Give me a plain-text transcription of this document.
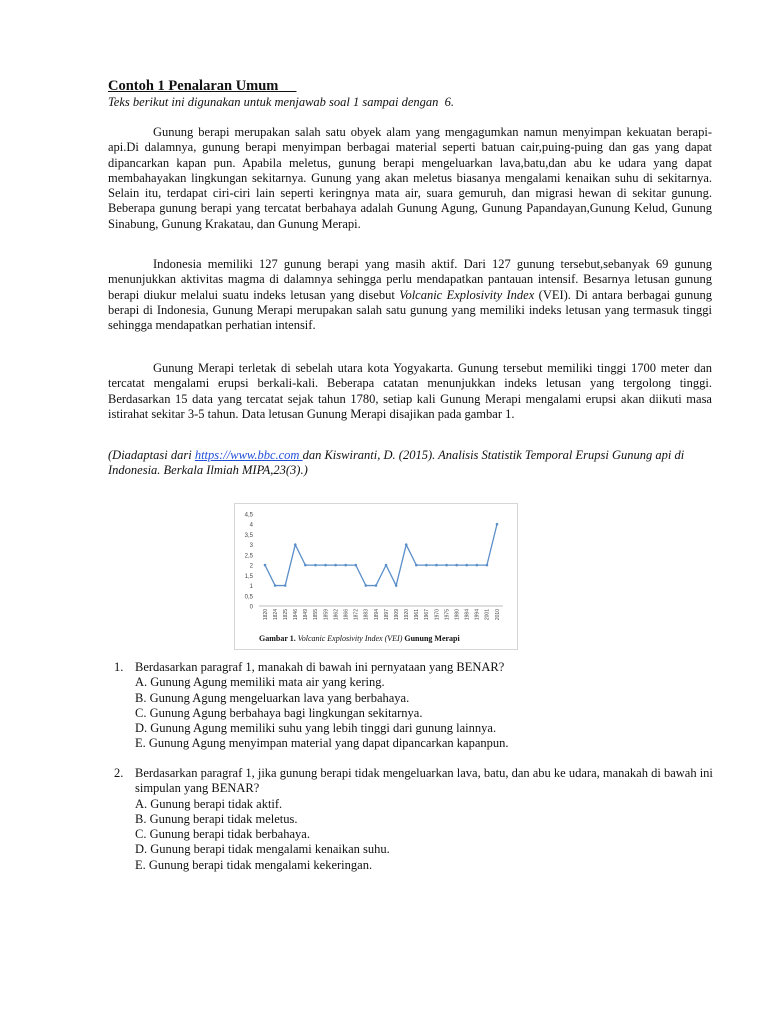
Contoh 1 Penalaran Umum
Teks berikut ini digunakan untuk menjawab soal 1 sampai dengan  6.

Gunung berapi merupakan salah satu obyek alam yang mengagumkan namun menyimpan kekuatan berapi-api.Di dalamnya, gunung berapi menyimpan berbagai material seperti batuan cair,puing-puing dan gas yang dapat dipancarkan kapan pun. Apabila meletus, gunung berapi mengeluarkan lava,batu,dan abu ke udara yang dapat membahayakan lingkungan sekitarnya. Gunung yang akan meletus biasanya mengalami kenaikan suhu di sekitarnya. Selain itu, terdapat ciri-ciri lain seperti keringnya mata air, suara gemuruh, dan migrasi hewan di sekitar gunung. Beberapa gunung berapi yang tercatat berbahaya adalah Gunung Agung, Gunung Papandayan,Gunung Kelud, Gunung Sinabung, Gunung Krakatau, dan Gunung Merapi.

Indonesia memiliki 127 gunung berapi yang masih aktif. Dari 127 gunung tersebut,sebanyak 69 gunung menunjukkan aktivitas magma di dalamnya sehingga perlu mendapatkan pantauan intensif. Besarnya letusan gunung berapi diukur melalui suatu indeks letusan yang disebut Volcanic Explosivity Index (VEI). Di antara berbagai gunung berapi di Indonesia, Gunung Merapi merupakan salah satu gunung yang memiliki indeks letusan yang termasuk tinggi sehingga mendapatkan perhatian intensif.

Gunung Merapi terletak di sebelah utara kota Yogyakarta. Gunung tersebut memiliki tinggi 1700 meter dan tercatat mengalami erupsi berkali-kali. Beberapa catatan menunjukkan indeks letusan yang tergolong tinggi. Berdasarkan 15 data yang tercatat sejak tahun 1780, setiap kali Gunung Merapi mengalami erupsi akan diikuti masa istirahat sekitar 3-5 tahun. Data letusan Gunung Merapi disajikan pada gambar 1.

(Diadaptasi dari https://www.bbc.com dan Kiswiranti, D. (2015). Analisis Statistik Temporal Erupsi Gunung api di Indonesia. Berkala Ilmiah MIPA,23(3).)
0
0,5
1
1,5
2
2,5
3
3,5
4
4,5
1820 1824 1825 1846 1849 1855 1859 1862 1866 1872 1883 1894 1897 1909 1920 1961 1967 1970 1975 1980 1984 1994 2001 2010
Gambar 1. Volcanic Explosivity Index (VEI) Gunung Merapi
1. Berdasarkan paragraf 1, manakah di bawah ini pernyataan yang BENAR?
A. Gunung Agung memiliki mata air yang kering.
B. Gunung Agung mengeluarkan lava yang berbahaya.
C. Gunung Agung berbahaya bagi lingkungan sekitarnya.
D. Gunung Agung memiliki suhu yang lebih tinggi dari gunung lainnya.
E. Gunung Agung menyimpan material yang dapat dipancarkan kapanpun.
2. Berdasarkan paragraf 1, jika gunung berapi tidak mengeluarkan lava, batu, dan abu ke udara, manakah di bawah ini simpulan yang BENAR?
A. Gunung berapi tidak aktif.
B. Gunung berapi tidak meletus.
C. Gunung berapi tidak berbahaya.
D. Gunung berapi tidak mengalami kenaikan suhu.
E. Gunung berapi tidak mengalami kekeringan.
